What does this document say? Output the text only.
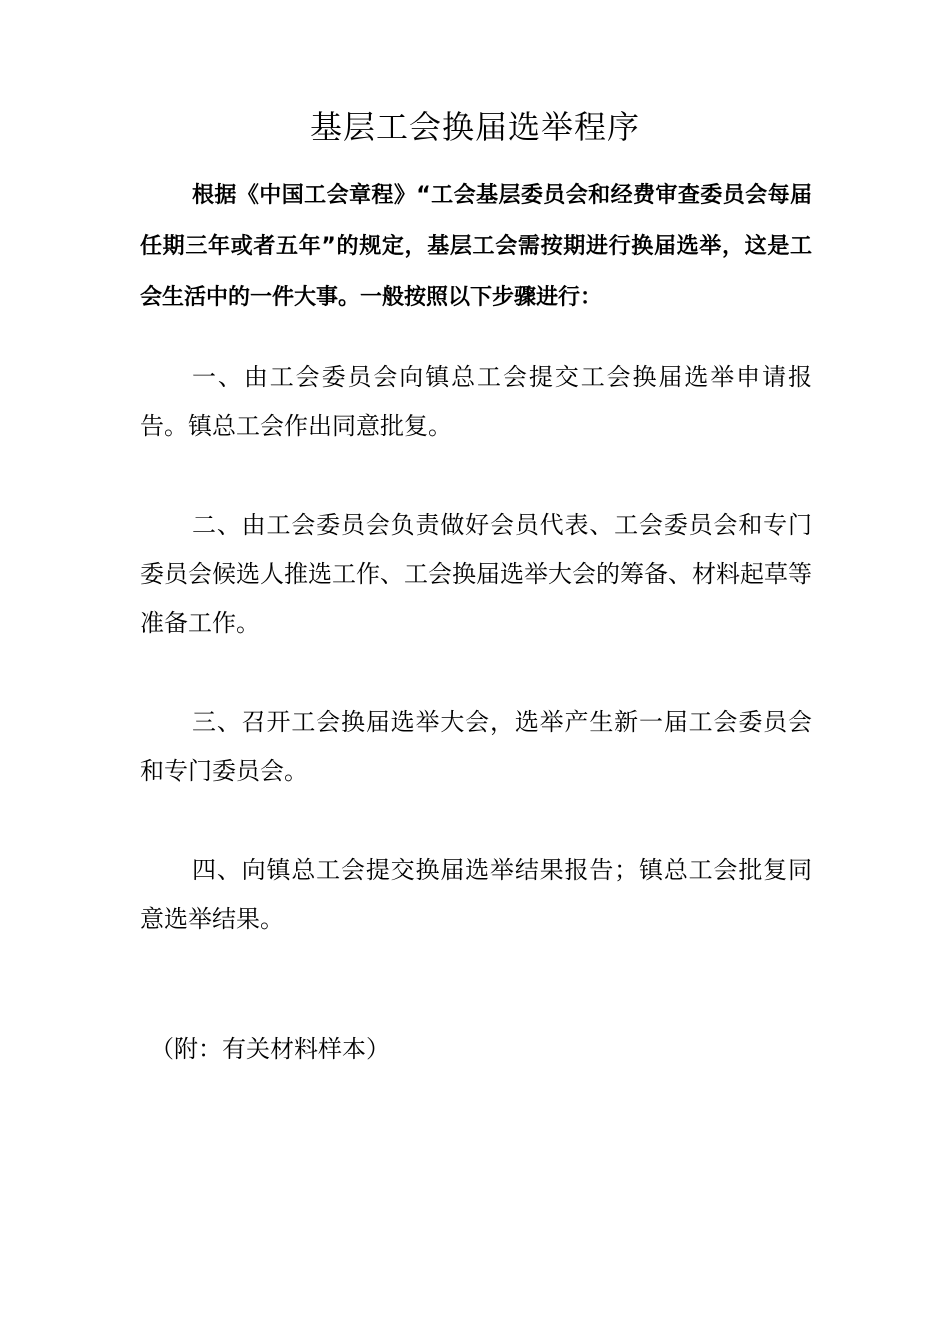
基层工会换届选举程序

根据《中国工会章程》“工会基层委员会和经费审查委员会每届任期三年或者五年”的规定，基层工会需按期进行换届选举，这是工会生活中的一件大事。一般按照以下步骤进行：

一、由工会委员会向镇总工会提交工会换届选举申请报告。镇总工会作出同意批复。

二、由工会委员会负责做好会员代表、工会委员会和专门委员会候选人推选工作、工会换届选举大会的筹备、材料起草等准备工作。

三、召开工会换届选举大会，选举产生新一届工会委员会和专门委员会。

四、向镇总工会提交换届选举结果报告；镇总工会批复同意选举结果。

（附：有关材料样本）
